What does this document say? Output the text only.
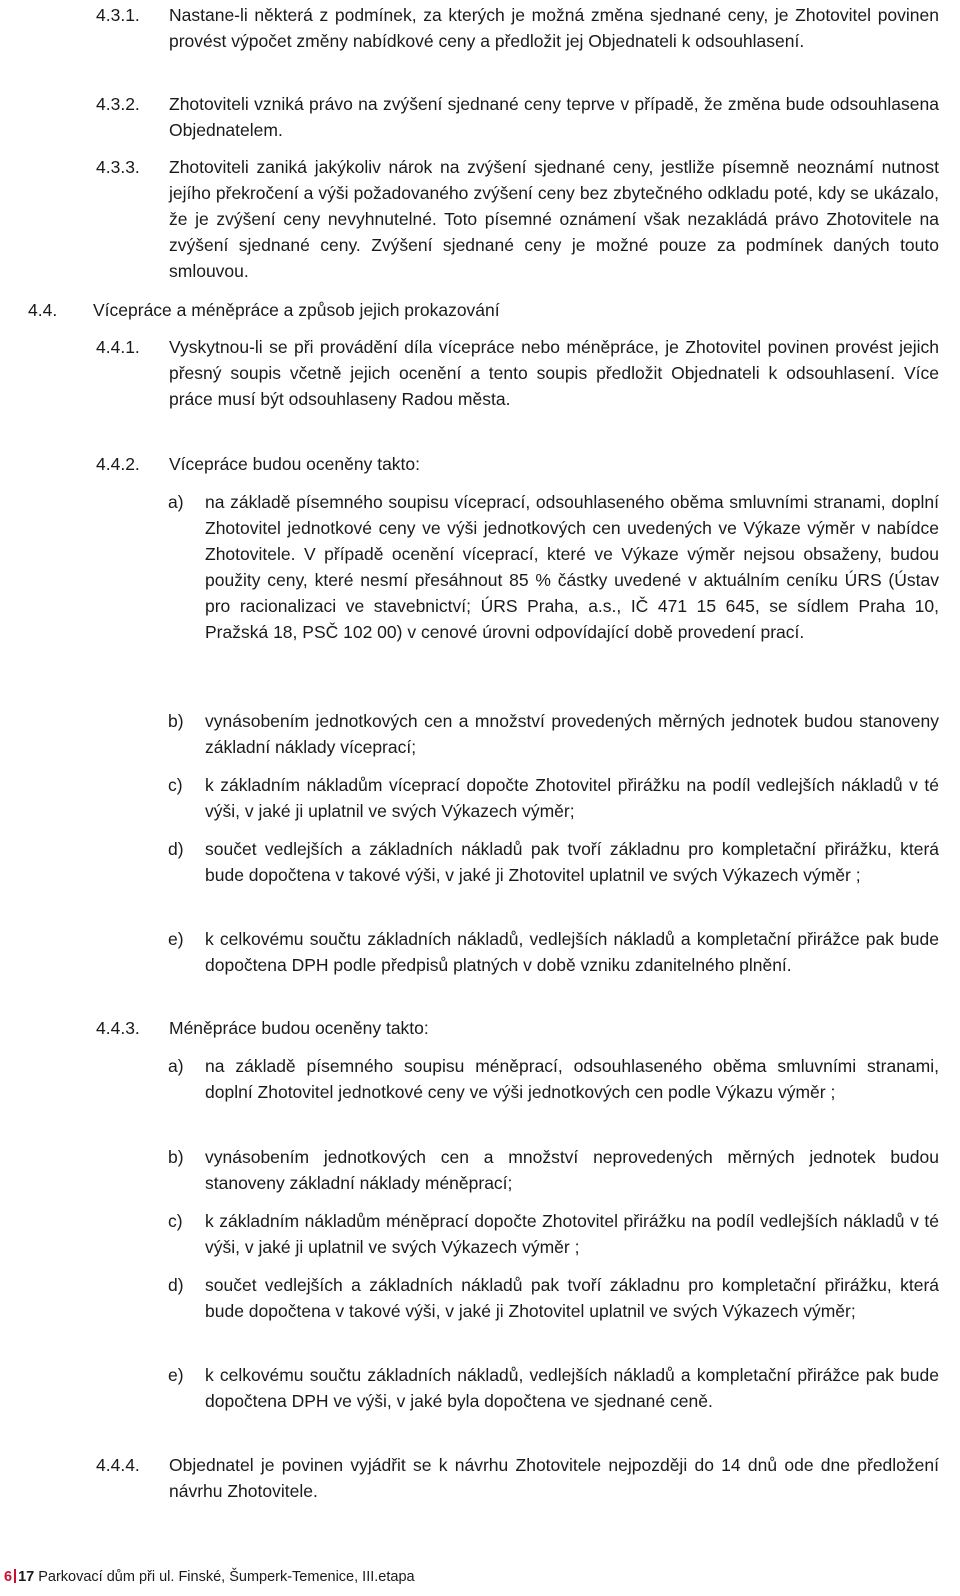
4.3.1. Nastane-li některá z podmínek, za kterých je možná změna sjednané ceny, je Zhotovitel povinen provést výpočet změny nabídkové ceny a předložit jej Objednateli k odsouhlasení.
4.3.2. Zhotoviteli vzniká právo na zvýšení sjednané ceny teprve v případě, že změna bude odsouhlasena Objednatelem.
4.3.3. Zhotoviteli zaniká jakýkoliv nárok na zvýšení sjednané ceny, jestliže písemně neoznámí nutnost jejího překročení a výši požadovaného zvýšení ceny bez zbytečného odkladu poté, kdy se ukázalo, že je zvýšení ceny nevyhnutelné. Toto písemné oznámení však nezakládá právo Zhotovitele na zvýšení sjednané ceny. Zvýšení sjednané ceny je možné pouze za podmínek daných touto smlouvou.
4.4. Vícepráce a méněpráce a způsob jejich prokazování
4.4.1. Vyskytnou-li se při provádění díla vícepráce nebo méněpráce, je Zhotovitel povinen provést jejich přesný soupis včetně jejich ocenění a tento soupis předložit Objednateli k odsouhlasení. Více práce musí být odsouhlaseny Radou města.
4.4.2. Vícepráce budou oceněny takto:
a) na základě písemného soupisu víceprací, odsouhlaseného oběma smluvními stranami, doplní Zhotovitel jednotkové ceny ve výši jednotkových cen uvedených ve Výkaze výměr v nabídce Zhotovitele. V případě ocenění víceprací, které ve Výkaze výměr nejsou obsaženy, budou použity ceny, které nesmí přesáhnout 85 % částky uvedené v aktuálním ceníku ÚRS (Ústav pro racionalizaci ve stavebnictví; ÚRS Praha, a.s., IČ 471 15 645, se sídlem Praha 10, Pražská 18, PSČ 102 00) v cenové úrovni odpovídající době provedení prací.
b) vynásobením jednotkových cen a množství provedených měrných jednotek budou stanoveny základní náklady víceprací;
c) k základním nákladům víceprací dopočte Zhotovitel přirážku na podíl vedlejších nákladů v té výši, v jaké ji uplatnil ve svých Výkazech výměr;
d) součet vedlejších a základních nákladů pak tvoří základnu pro kompletační přirážku, která bude dopočtena v takové výši, v jaké ji Zhotovitel uplatnil ve svých Výkazech výměr ;
e) k celkovému součtu základních nákladů, vedlejších nákladů a kompletační přirážce pak bude dopočtena DPH podle předpisů platných v době vzniku zdanitelného plnění.
4.4.3. Méněpráce budou oceněny takto:
a) na základě písemného soupisu méněprací, odsouhlaseného oběma smluvními stranami, doplní Zhotovitel jednotkové ceny ve výši jednotkových cen podle Výkazu výměr ;
b) vynásobením jednotkových cen a množství neprovedených měrných jednotek budou stanoveny základní náklady méněprací;
c) k základním nákladům méněprací dopočte Zhotovitel přirážku na podíl vedlejších nákladů v té výši, v jaké ji uplatnil ve svých Výkazech výměr ;
d) součet vedlejších a základních nákladů pak tvoří základnu pro kompletační přirážku, která bude dopočtena v takové výši, v jaké ji Zhotovitel uplatnil ve svých Výkazech výměr;
e) k celkovému součtu základních nákladů, vedlejších nákladů a kompletační přirážce pak bude dopočtena DPH ve výši, v jaké byla dopočtena ve sjednané ceně.
4.4.4. Objednatel je povinen vyjádřit se k návrhu Zhotovitele nejpozději do 14 dnů ode dne předložení návrhu Zhotovitele.
6 17 Parkovací dům při ul. Finské, Šumperk-Temenice, III.etapa
